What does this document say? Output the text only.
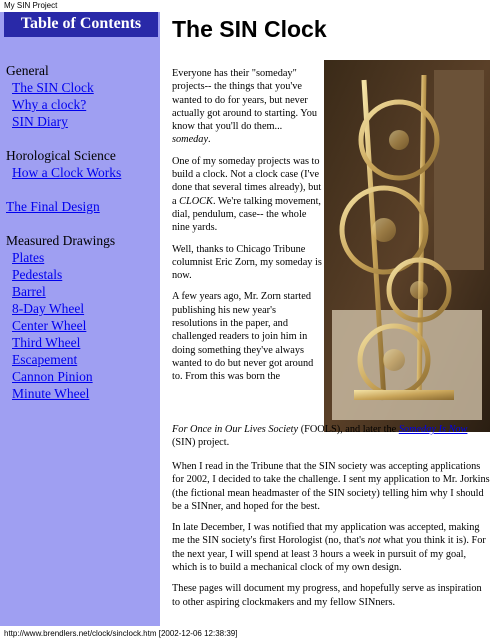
My SIN Project
Table of Contents
General
The SIN Clock
Why a clock?
SIN Diary
Horological Science
How a Clock Works
The Final Design
Measured Drawings
Plates
Pedestals
Barrel
8-Day Wheel
Center Wheel
Third Wheel
Escapement
Cannon Pinion
Minute Wheel
The SIN Clock

Everyone has their "someday" projects-- the things that you've wanted to do for years, but never actually got around to starting. You know that you'll do them... someday.

One of my someday projects was to build a clock. Not a clock case (I've done that several times already), but a CLOCK. We're talking movement, dial, pendulum, case-- the whole nine yards.

Well, thanks to Chicago Tribune columnist Eric Zorn, my someday is now.

A few years ago, Mr. Zorn started publishing his new year's resolutions in the paper, and challenged readers to join him in doing something they've always wanted to do but never got around to. From this was born the

For Once in Our Lives Society (FOOLS), and later the Someday Is Now (SIN) project.

When I read in the Tribune that the SIN society was accepting applications for 2002, I decided to take the challenge. I sent my application to Mr. Jorkins (the fictional mean headmaster of the SIN society) telling him why I should be a SINner, and hoped for the best.

In late December, I was notified that my application was accepted, making me the SIN society's first Horologist (no, that's not what you think it is). For the next year, I will spend at least 3 hours a week in pursuit of my goal, which is to build a mechanical clock of my own design.

These pages will document my progress, and hopefully serve as inspiration to other aspiring clockmakers and my fellow SINners.

http://www.brendlers.net/clock/sinclock.htm [2002-12-06 12:38:39]
